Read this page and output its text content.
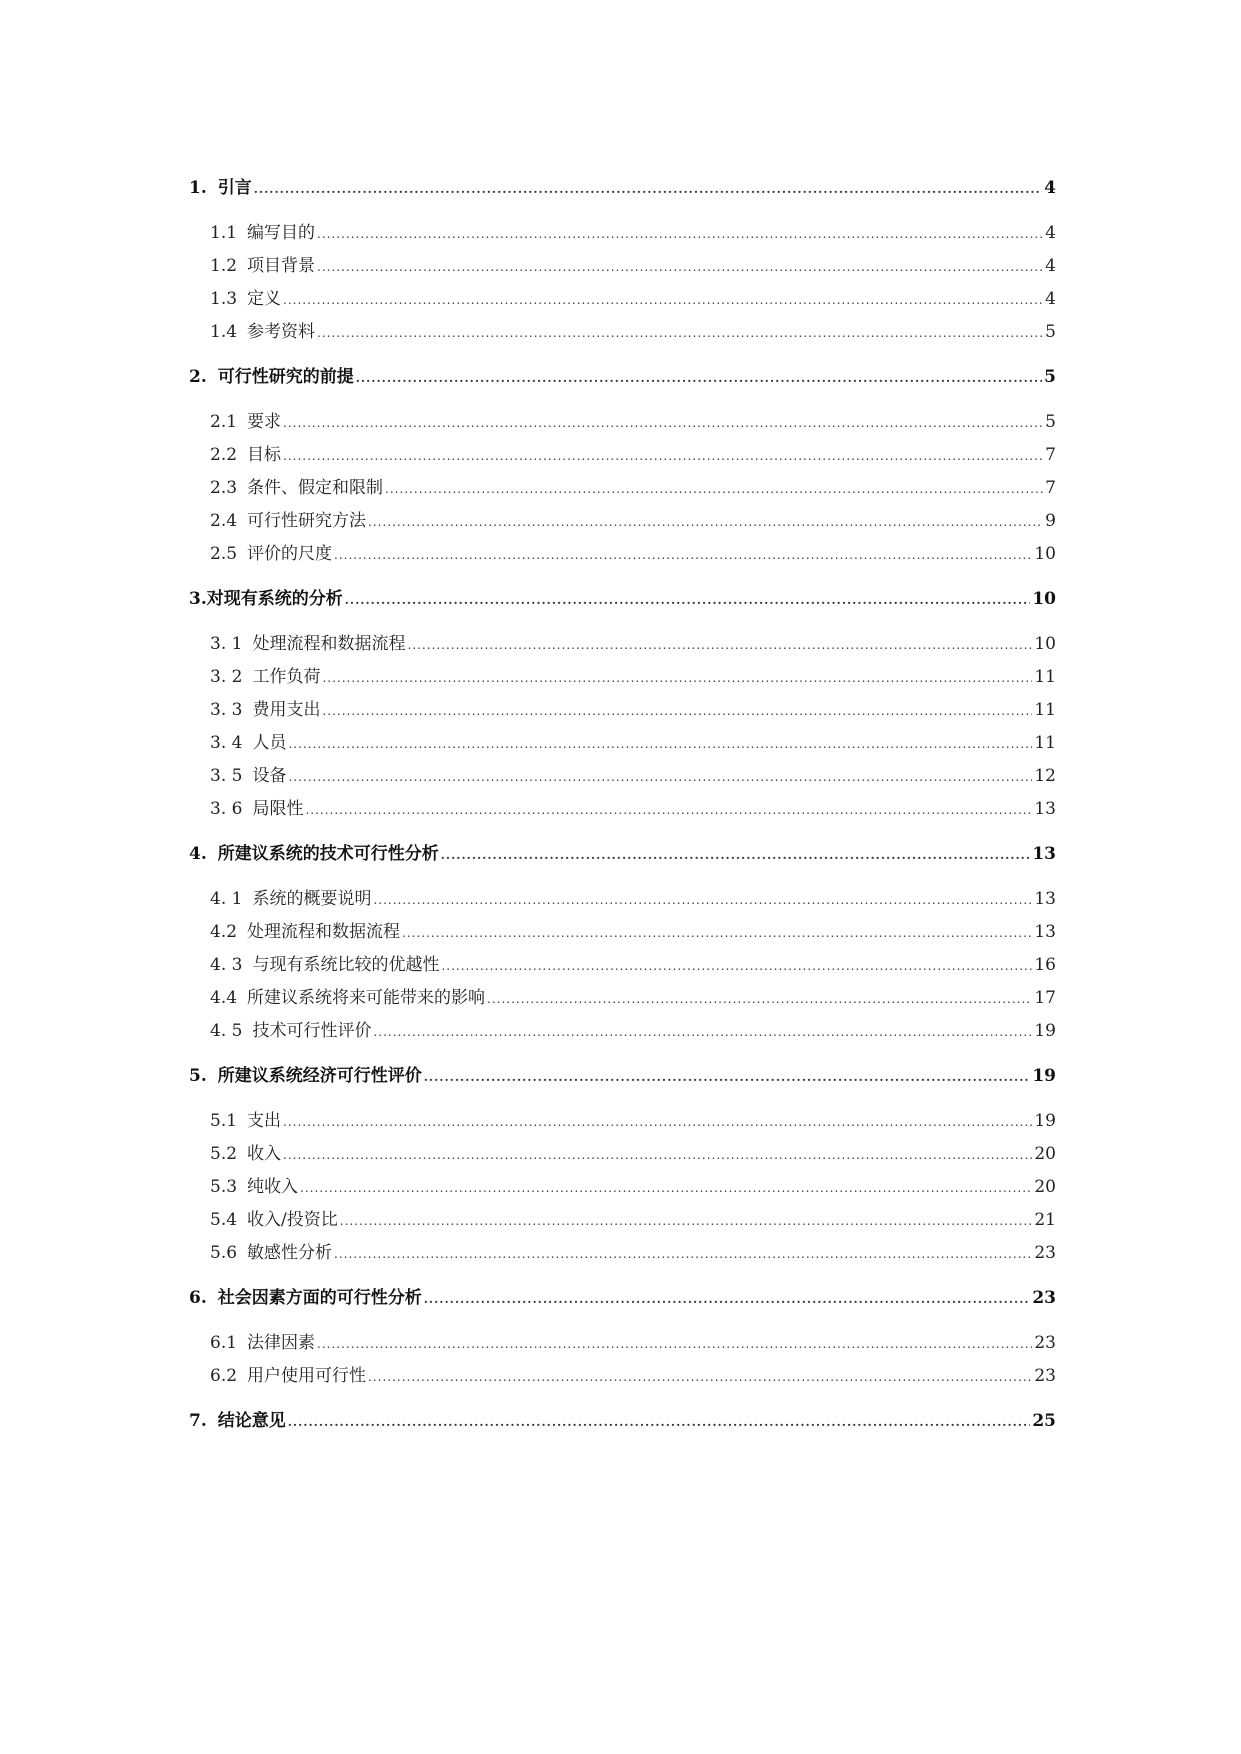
1. 引言 .....	4
1.1 编写目的 .....	4
1.2 项目背景 .....	4
1.3 定义 .....	4
1.4 参考资料 .....	5
2. 可行性研究的前提 .....	5
2.1 要求 .....	5
2.2 目标 .....	7
2.3 条件、假定和限制 .....	7
2.4 可行性研究方法 .....	9
2.5 评价的尺度 .....	10
3.对现有系统的分析 .....	10
3. 1 处理流程和数据流程 .....	10
3. 2 工作负荷 .....	11
3. 3 费用支出 .....	11
3. 4 人员 .....	11
3. 5 设备 .....	12
3. 6 局限性 .....	13
4. 所建议系统的技术可行性分析 .....	13
4. 1 系统的概要说明 .....	13
4.2 处理流程和数据流程 .....	13
4. 3 与现有系统比较的优越性 .....	16
4.4 所建议系统将来可能带来的影响 .....	17
4. 5 技术可行性评价 .....	19
5. 所建议系统经济可行性评价 .....	19
5.1 支出 .....	19
5.2 收入 .....	20
5.3 纯收入 .....	20
5.4 收入/投资比 .....	21
5.6 敏感性分析 .....	23
6. 社会因素方面的可行性分析 .....	23
6.1 法律因素 .....	23
6.2 用户使用可行性 .....	23
7. 结论意见 .....	25
